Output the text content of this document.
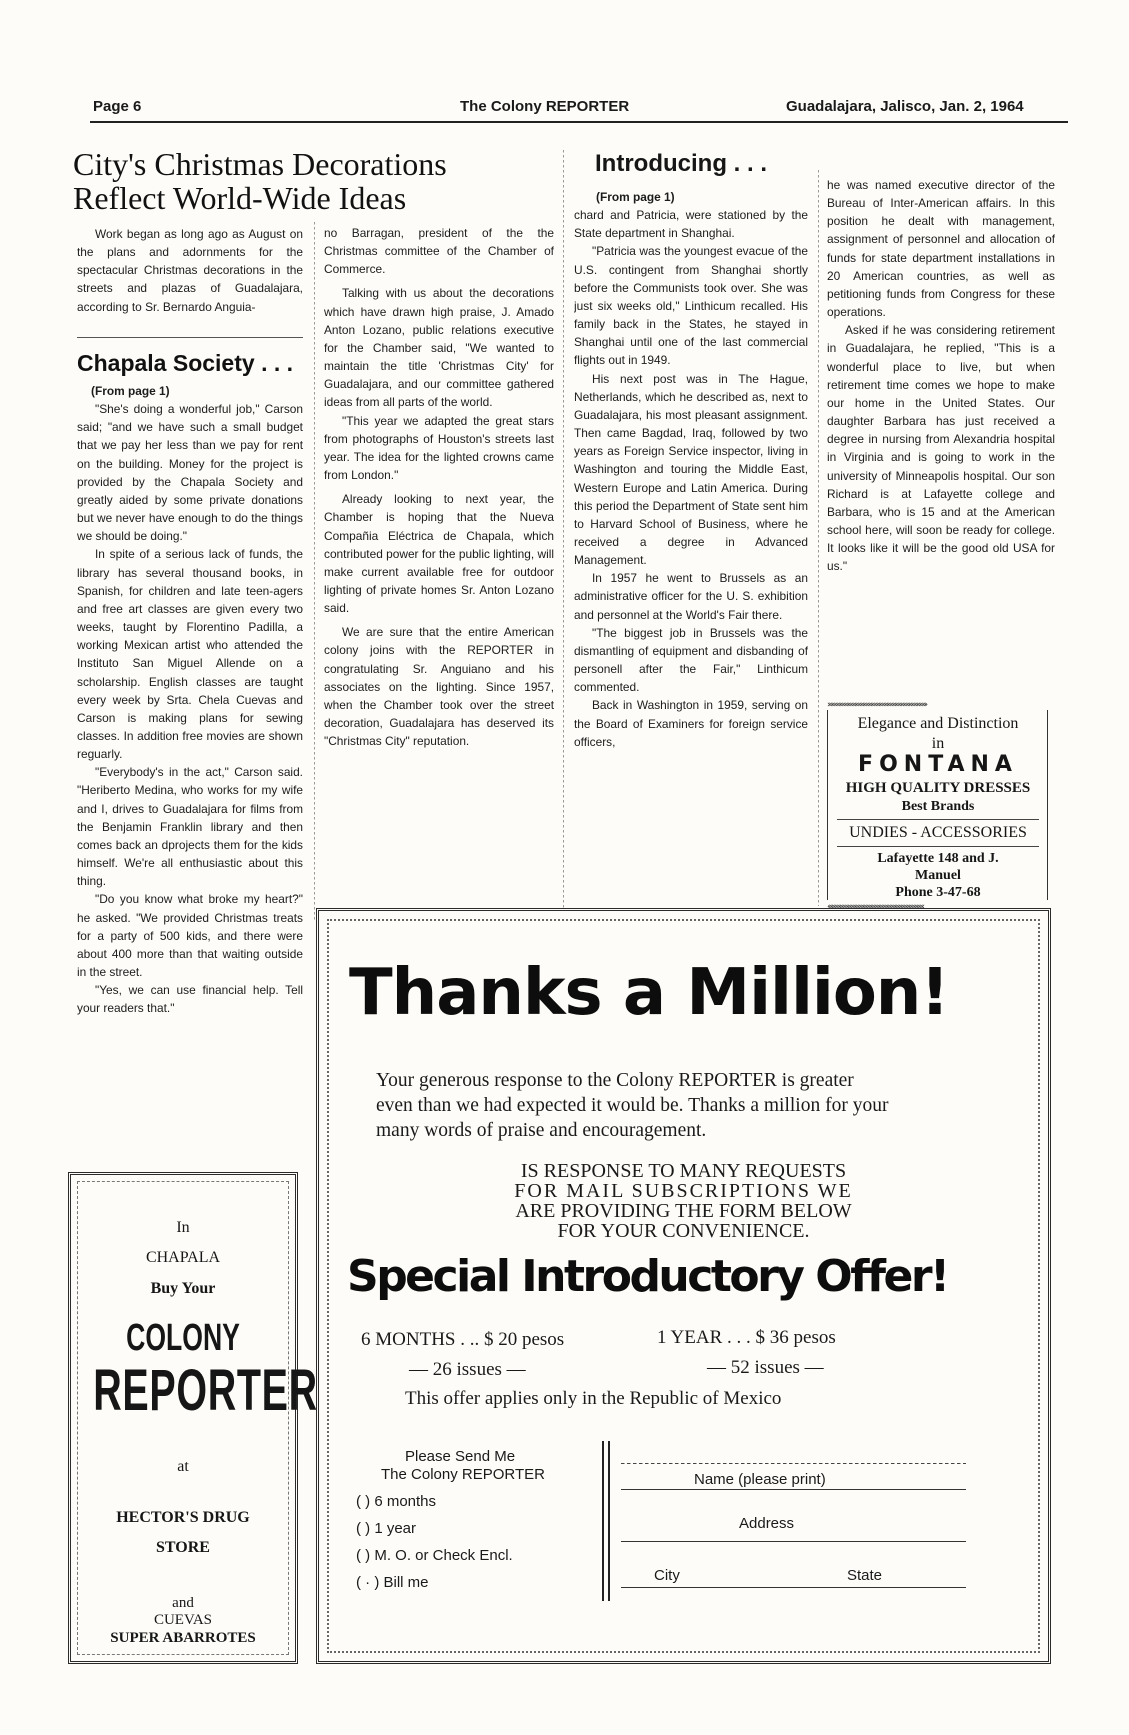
Page 6	The Colony REPORTER	Guadalajara, Jalisco, Jan. 2, 1964
City's Christmas Decorations
Reflect World-Wide Ideas

Work began as long ago as August on the plans and adornments for the spectacular Christmas decorations in the streets and plazas of Guadalajara, according to Sr. Bernardo Anguia-

Chapala Society . . .

(From page 1)

"She's doing a wonderful job," Carson said; "and we have such a small budget that we pay her less than we pay for rent on the building. Money for the project is provided by the Chapala Society and greatly aided by some private donations but we never have enough to do the things we should be doing."

In spite of a serious lack of funds, the library has several thousand books, in Spanish, for children and late teen-agers and free art classes are given every two weeks, taught by Florentino Padilla, a working Mexican artist who attended the Instituto San Miguel Allende on a scholarship. English classes are taught every week by Srta. Chela Cuevas and Carson is making plans for sewing classes. In addition free movies are shown reguarly.

"Everybody's in the act," Carson said. "Heriberto Medina, who works for my wife and I, drives to Guadalajara for films from the Benjamin Franklin library and then comes back an dprojects them for the kids himself. We're all enthusiastic about this thing.

"Do you know what broke my heart?" he asked. "We provided Christmas treats for a party of 500 kids, and there were about 400 more than that waiting outside in the street.

"Yes, we can use financial help. Tell your readers that."

no Barragan, president of the the Christmas committee of the Chamber of Commerce.

Talking with us about the decorations which have drawn high praise, J. Amado Anton Lozano, public relations executive for the Chamber said, "We wanted to maintain the title 'Christmas City' for Guadalajara, and our committee gathered ideas from all parts of the world.

"This year we adapted the great stars from photographs of Houston's streets last year. The idea for the lighted crowns came from London."

Already looking to next year, the Chamber is hoping that the Nueva Compañia Eléctrica de Chapala, which contributed power for the public lighting, will make current available free for outdoor lighting of private homes Sr. Anton Lozano said.

We are sure that the entire American colony joins with the REPORTER in congratulating Sr. Anguiano and his associates on the lighting. Since 1957, when the Chamber took over the street decoration, Guadalajara has deserved its "Christmas City" reputation.

Introducing . . .

(From page 1)

chard and Patricia, were stationed by the State department in Shanghai.

"Patricia was the youngest evacue of the U.S. contingent from Shanghai shortly before the Communists took over. She was just six weeks old," Linthicum recalled. His family back in the States, he stayed in Shanghai until one of the last commercial flights out in 1949.

His next post was in The Hague, Netherlands, which he described as, next to Guadalajara, his most pleasant assignment. Then came Bagdad, Iraq, followed by two years as Foreign Service inspector, living in Washington and touring the Middle East, Western Europe and Latin America. During this period the Department of State sent him to Harvard School of Business, where he received a degree in Advanced Management.

In 1957 he went to Brussels as an administrative officer for the U. S. exhibition and personnel at the World's Fair there.

"The biggest job in Brussels was the dismantling of equipment and disbanding of personell after the Fair," Linthicum commented.

Back in Washington in 1959, serving on the Board of Examiners for foreign service officers,

he was named executive director of the Bureau of Inter-American affairs. In this position he dealt with management, assignment of personnel and allocation of funds for state department installations in 20 American countries, as well as petitioning funds from Congress for these operations.

Asked if he was considering retirement in Guadalajara, he replied, "This is a wonderful place to live, but when retirement time comes we hope to make our home in the United States. Our daughter Barbara has just received a degree in nursing from Alexandria hospital in Virginia and is going to work in the university of Minneapolis hospital. Our son Richard is at Lafayette college and Barbara, who is 15 and at the American school here, will soon be ready for college. It looks like it will be the good old USA for us."

››››››››››››››››››››››››››››››››››››››››››››››››››››››››››››››
Elegance and Distinction
in
FONTANA
HIGH QUALITY DRESSES
Best Brands
UNDIES - ACCESSORIES
Lafayette 148 and J.
Manuel
Phone 3-47-68
‹‹‹‹‹‹‹‹‹‹‹‹‹‹‹‹‹‹‹‹‹‹‹‹‹‹‹‹‹‹‹‹‹‹‹‹‹‹‹‹‹‹‹‹‹‹‹‹‹‹‹‹‹‹‹‹‹‹‹‹
In
CHAPALA
Buy Your
COLONY
REPORTER
at
HECTOR'S DRUG
STORE
and
CUEVAS
SUPER ABARROTES
Thanks a Million!
Your generous response to the Colony REPORTER is greater
even than we had expected it would be. Thanks a million for your
many words of praise and encouragement.
IS RESPONSE TO MANY REQUESTS
FOR MAIL SUBSCRIPTIONS WE
ARE PROVIDING THE FORM BELOW
FOR YOUR CONVENIENCE.
Special Introductory Offer!
6 MONTHS . .. $ 20 pesos
— 26 issues —
1 YEAR . . . $ 36 pesos
— 52 issues —
This offer applies only in the Republic of Mexico
Please Send Me
The Colony REPORTER
( ) 6 months
( ) 1 year
( ) M. O. or Check Encl.
( · ) Bill me
Name (please print)
Address
City	State
